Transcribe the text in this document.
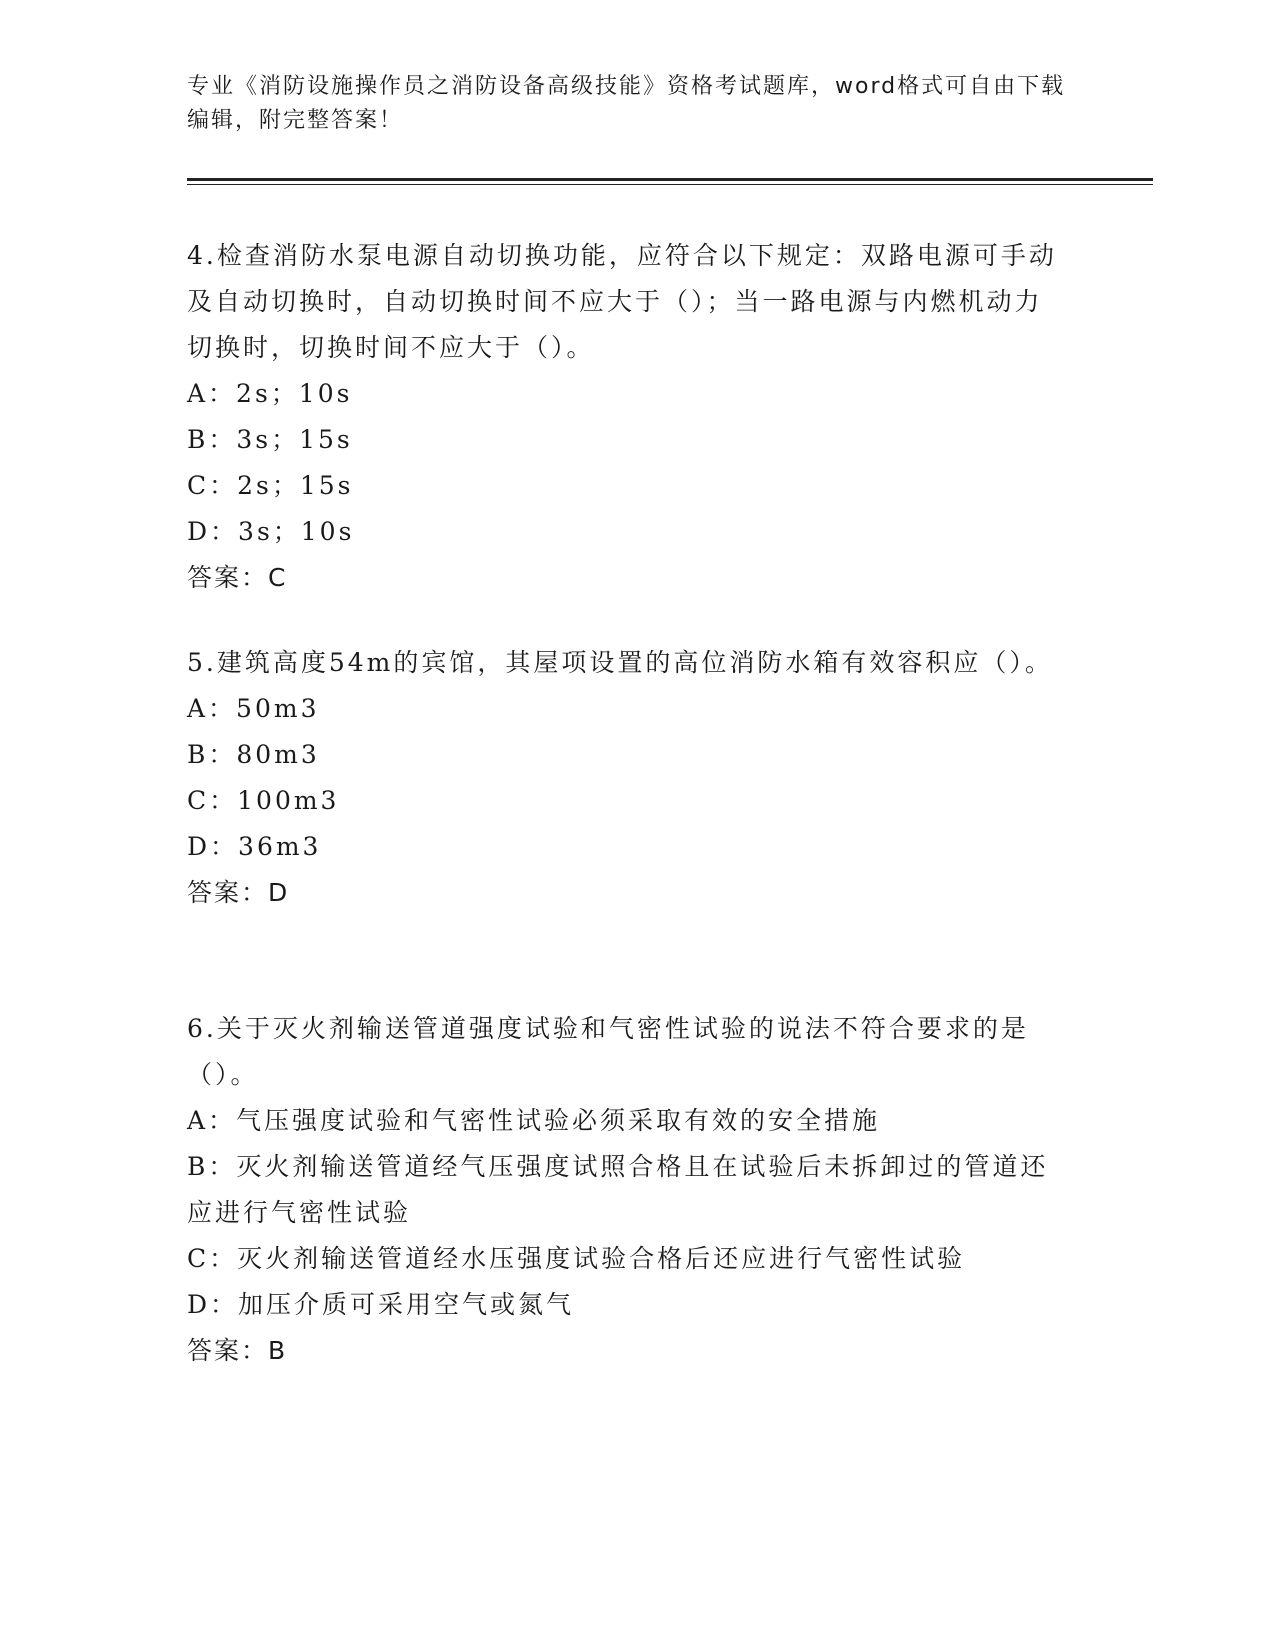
专业《消防设施操作员之消防设备高级技能》资格考试题库，word格式可自由下载编辑，附完整答案！
4.检查消防水泵电源自动切换功能，应符合以下规定：双路电源可手动及自动切换时，自动切换时间不应大于（）；当一路电源与内燃机动力切换时，切换时间不应大于（）。
A：2s；10s
B：3s；15s
C：2s；15s
D：3s；10s
答案：C
5.建筑高度54m的宾馆，其屋项设置的高位消防水箱有效容积应（）。
A：50m3
B：80m3
C：100m3
D：36m3
答案：D
6.关于灭火剂输送管道强度试验和气密性试验的说法不符合要求的是（）。
A：气压强度试验和气密性试验必须采取有效的安全措施
B：灭火剂输送管道经气压强度试照合格且在试验后未拆卸过的管道还应进行气密性试验
C：灭火剂输送管道经水压强度试验合格后还应进行气密性试验
D：加压介质可采用空气或氮气
答案：B
